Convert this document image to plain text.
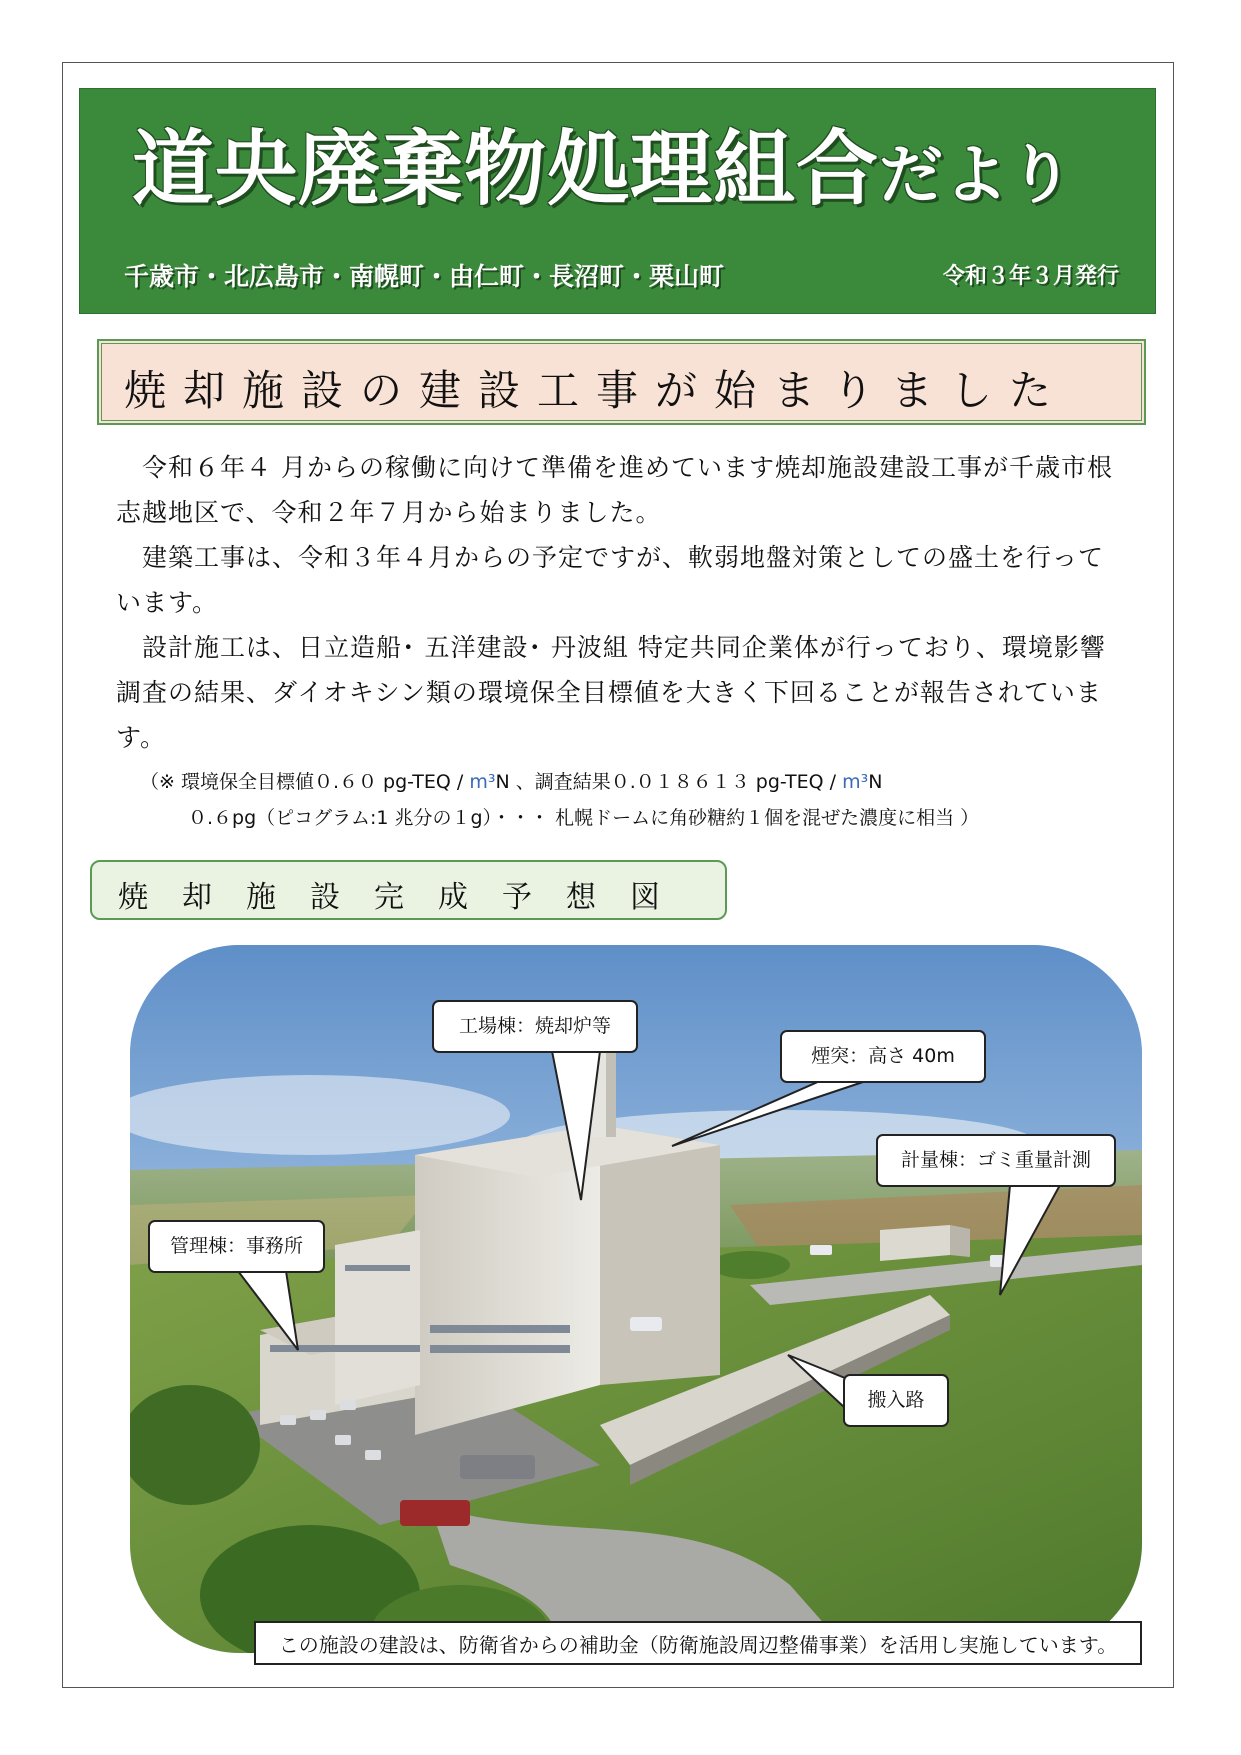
道央廃棄物処理組合だより

千歳市・北広島市・南幌町・由仁町・長沼町・栗山町	令和３年３月発行

焼却施設の建設工事が始まりました

　令和６年４ 月からの稼働に向けて準備を進めています焼却施設建設工事が千歳市根志越地区で、令和２年７月から始まりました。

　建築工事は、令和３年４月からの予定ですが、軟弱地盤対策としての盛土を行っています。

　設計施工は、日立造船･ 五洋建設･ 丹波組 特定共同企業体が行っており、環境影響調査の結果、ダイオキシン類の環境保全目標値を大きく下回ることが報告されています。

（※ 環境保全目標値０.６０ pg-TEQ / m³N 、調査結果０.０１８６１３ pg-TEQ / m³N

０.６pg（ピコグラム:1 兆分の１g）・・・ 札幌ドームに角砂糖約１個を混ぜた濃度に相当 ）

焼却施設完成予想図

工場棟：焼却炉等
煙突：高さ 40m
計量棟：ゴミ重量計測
管理棟：事務所
搬入路
この施設の建設は、防衛省からの補助金（防衛施設周辺整備事業）を活用し実施しています。
